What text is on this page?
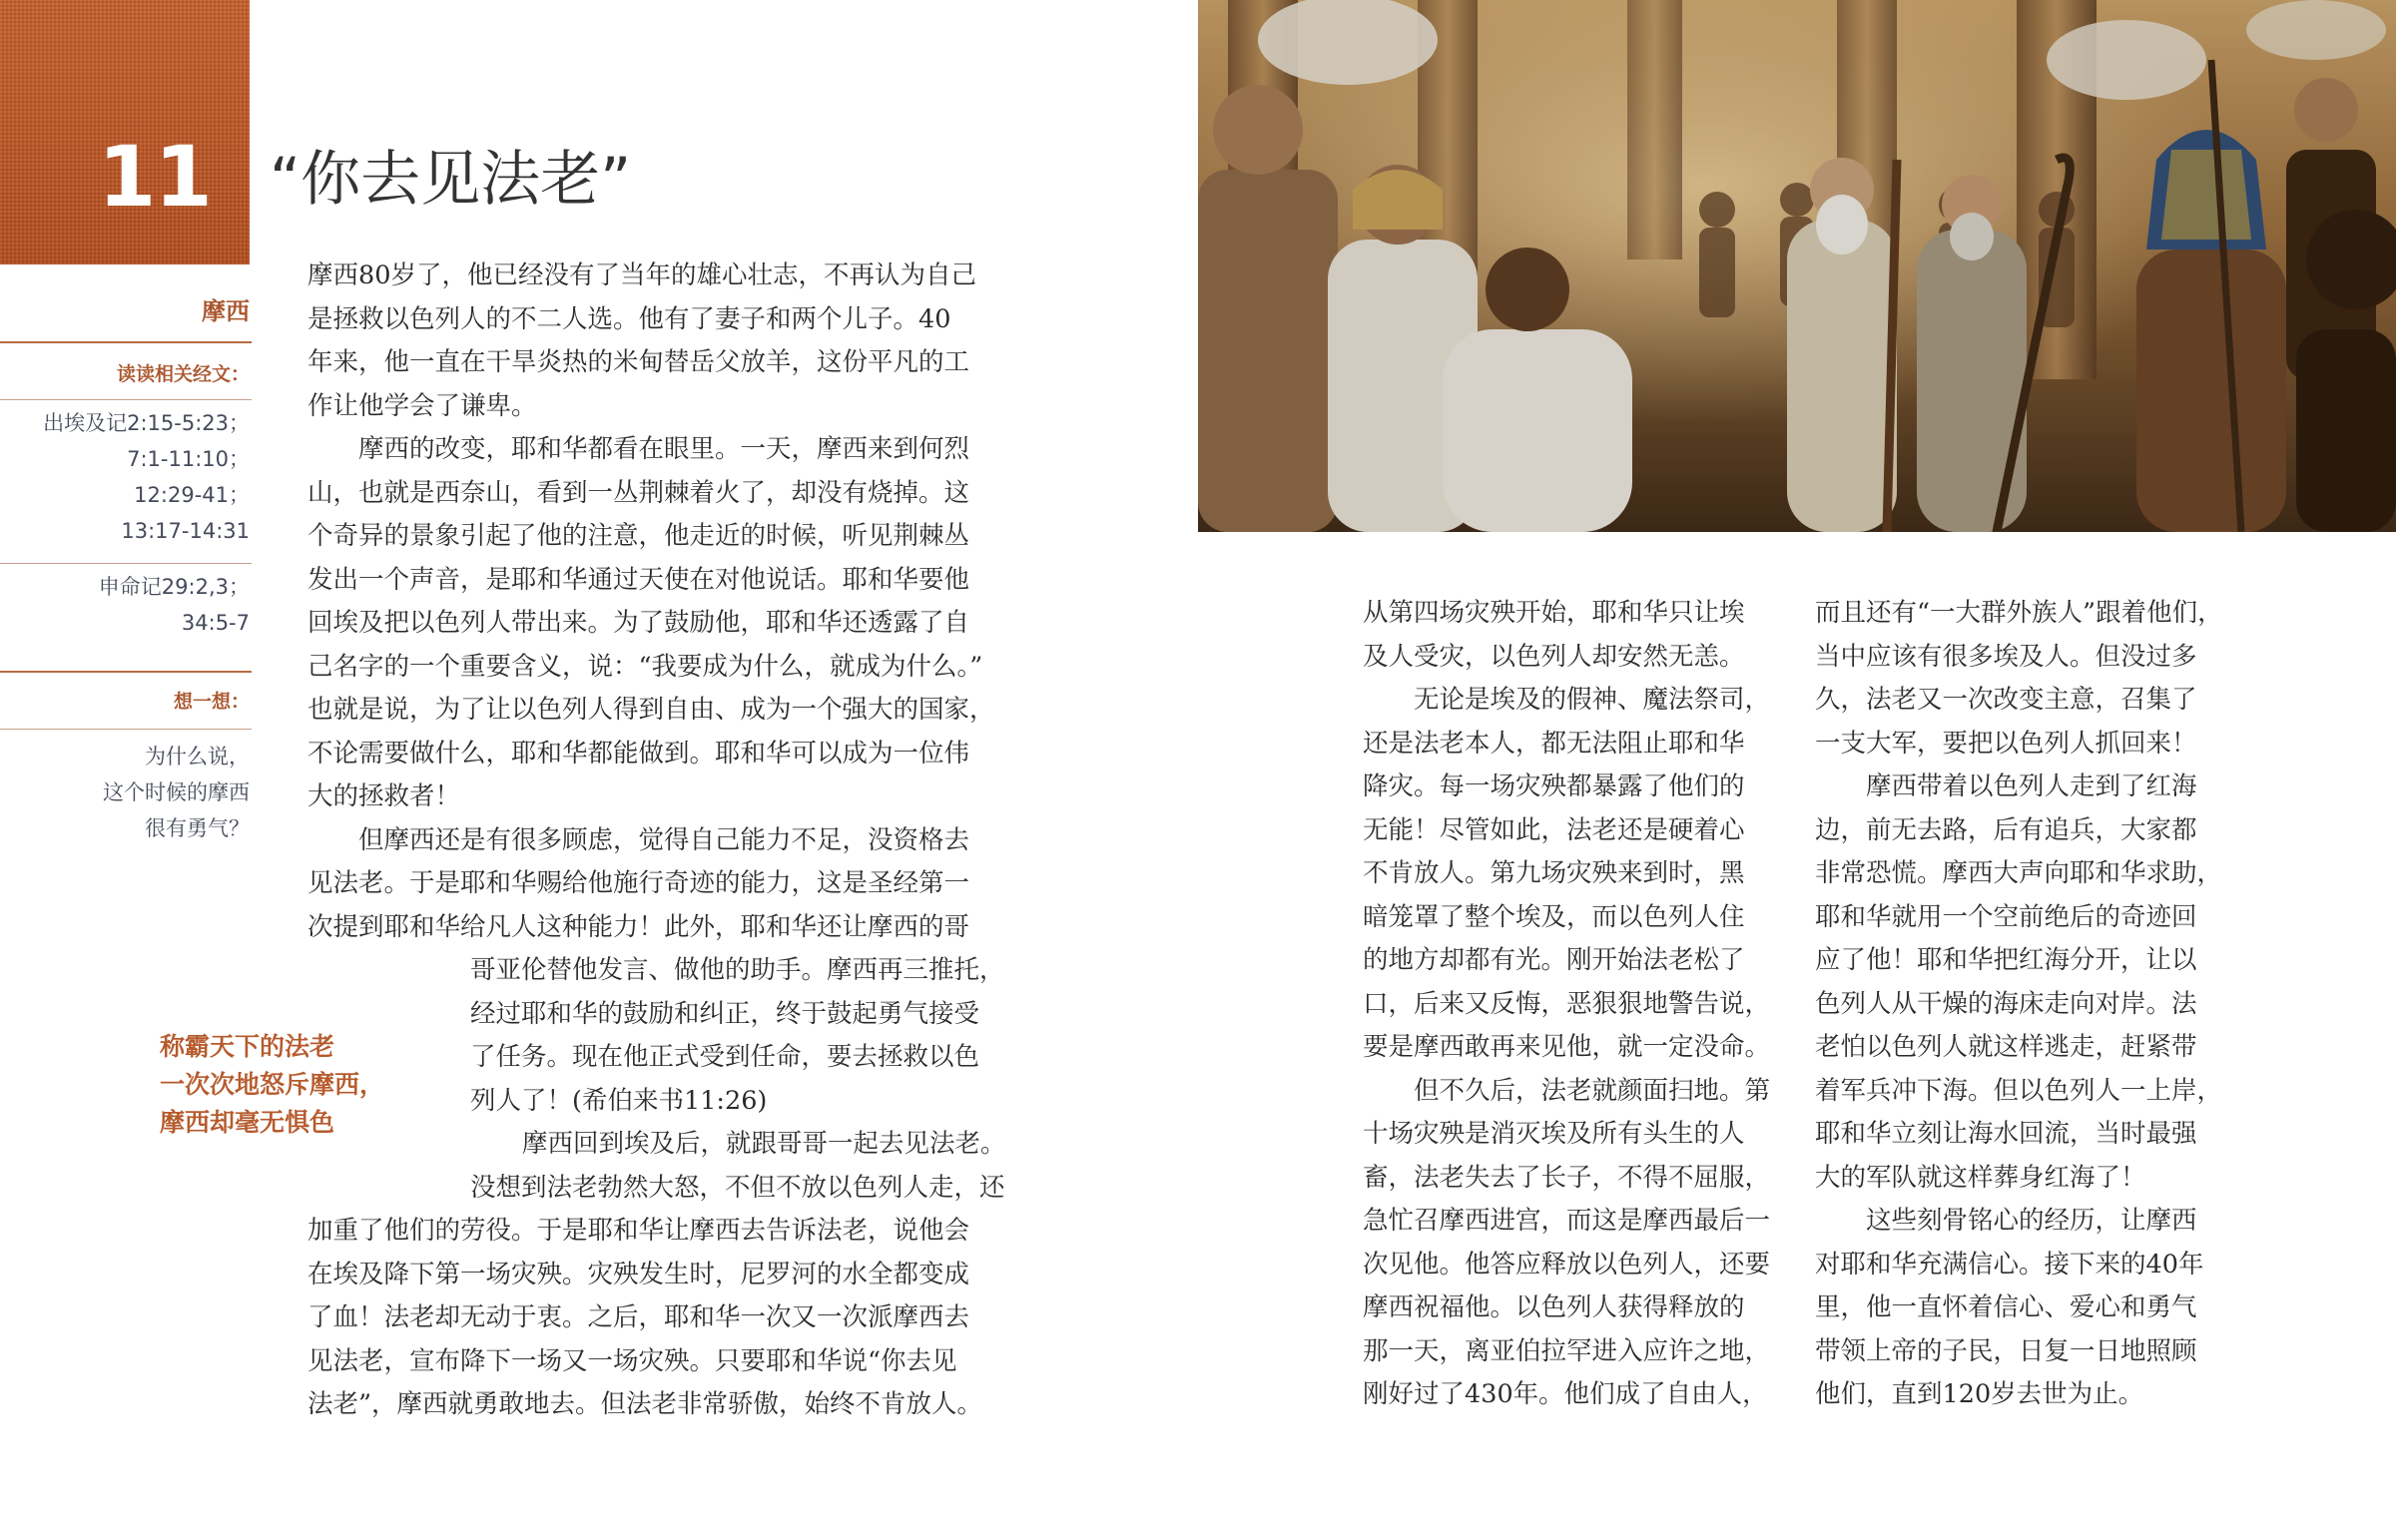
11 “你去见法老”
摩西
读读相关经文：
出埃及记2:15-5:23；
7:1-11:10；
12:29-41；
13:17-14:31
申命记29:2,3；
34:5-7
想一想：
为什么说，
这个时候的摩西
很有勇气？
称霸天下的法老
一次次地怒斥摩西，
摩西却毫无惧色

摩西80岁了，他已经没有了当年的雄心壮志，不再认为自己
是拯救以色列人的不二人选。他有了妻子和两个儿子。40
年来，他一直在干旱炎热的米甸替岳父放羊，这份平凡的工
作让他学会了谦卑。

摩西的改变，耶和华都看在眼里。一天，摩西来到何烈
山，也就是西奈山，看到一丛荆棘着火了，却没有烧掉。这
个奇异的景象引起了他的注意，他走近的时候，听见荆棘丛
发出一个声音，是耶和华通过天使在对他说话。耶和华要他
回埃及把以色列人带出来。为了鼓励他，耶和华还透露了自
己名字的一个重要含义，说：“我要成为什么，就成为什么。”
也就是说，为了让以色列人得到自由、成为一个强大的国家，
不论需要做什么，耶和华都能做到。耶和华可以成为一位伟
大的拯救者！

但摩西还是有很多顾虑，觉得自己能力不足，没资格去
见法老。于是耶和华赐给他施行奇迹的能力，这是圣经第一
次提到耶和华给凡人这种能力！此外，耶和华还让摩西的哥
哥亚伦替他发言、做他的助手。摩西再三推托，
经过耶和华的鼓励和纠正，终于鼓起勇气接受
了任务。现在他正式受到任命，要去拯救以色
列人了！(希伯来书11:26)

摩西回到埃及后，就跟哥哥一起去见法老。
没想到法老勃然大怒，不但不放以色列人走，还
加重了他们的劳役。于是耶和华让摩西去告诉法老，说他会
在埃及降下第一场灾殃。灾殃发生时，尼罗河的水全都变成
了血！法老却无动于衷。之后，耶和华一次又一次派摩西去
见法老，宣布降下一场又一场灾殃。只要耶和华说“你去见
法老”，摩西就勇敢地去。但法老非常骄傲，始终不肯放人。

从第四场灾殃开始，耶和华只让埃
及人受灾，以色列人却安然无恙。

无论是埃及的假神、魔法祭司，
还是法老本人，都无法阻止耶和华
降灾。每一场灾殃都暴露了他们的
无能！尽管如此，法老还是硬着心
不肯放人。第九场灾殃来到时，黑
暗笼罩了整个埃及，而以色列人住
的地方却都有光。刚开始法老松了
口，后来又反悔，恶狠狠地警告说，
要是摩西敢再来见他，就一定没命。

但不久后，法老就颜面扫地。第
十场灾殃是消灭埃及所有头生的人
畜，法老失去了长子，不得不屈服，
急忙召摩西进宫，而这是摩西最后一
次见他。他答应释放以色列人，还要
摩西祝福他。以色列人获得释放的
那一天，离亚伯拉罕进入应许之地，
刚好过了430年。他们成了自由人，

而且还有“一大群外族人”跟着他们，
当中应该有很多埃及人。但没过多
久，法老又一次改变主意，召集了
一支大军，要把以色列人抓回来！

摩西带着以色列人走到了红海
边，前无去路，后有追兵，大家都
非常恐慌。摩西大声向耶和华求助，
耶和华就用一个空前绝后的奇迹回
应了他！耶和华把红海分开，让以
色列人从干燥的海床走向对岸。法
老怕以色列人就这样逃走，赶紧带
着军兵冲下海。但以色列人一上岸，
耶和华立刻让海水回流，当时最强
大的军队就这样葬身红海了！

这些刻骨铭心的经历，让摩西
对耶和华充满信心。接下来的40年
里，他一直怀着信心、爱心和勇气
带领上帝的子民，日复一日地照顾
他们，直到120岁去世为止。
